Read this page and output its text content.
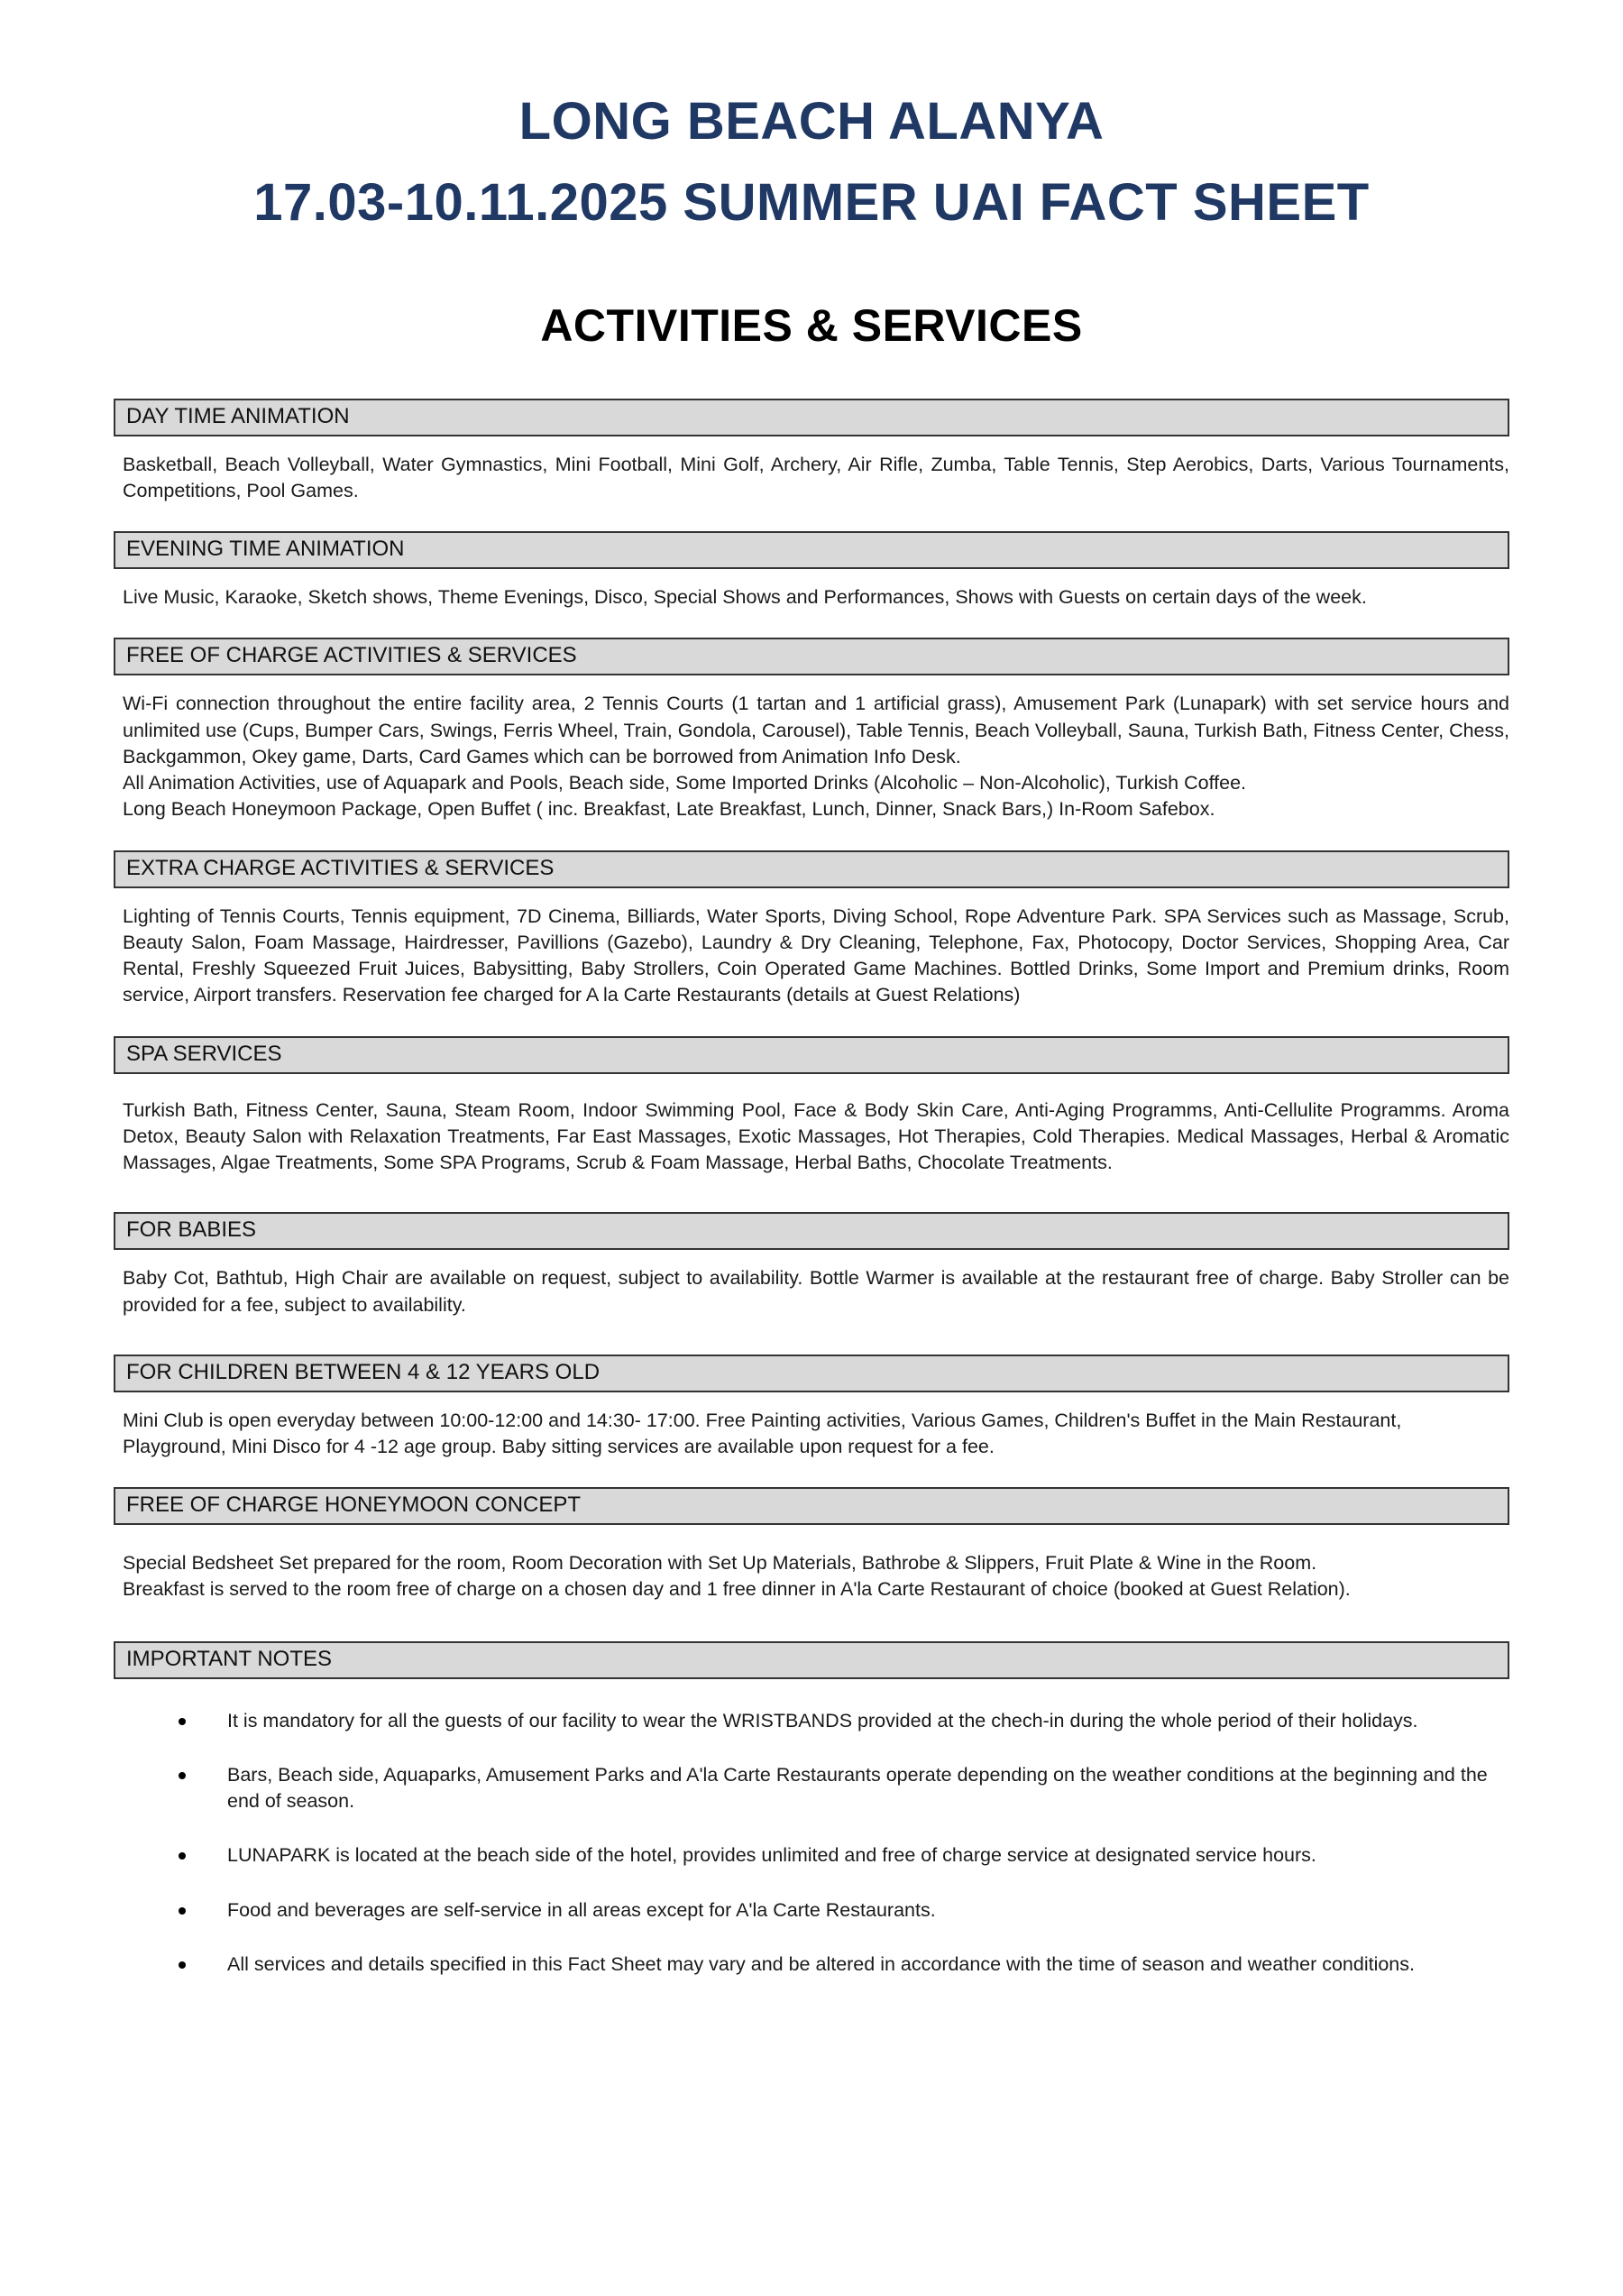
LONG BEACH ALANYA
17.03-10.11.2025 SUMMER UAI FACT SHEET
ACTIVITIES & SERVICES
DAY TIME ANIMATION

Basketball, Beach Volleyball, Water Gymnastics, Mini Football, Mini Golf, Archery, Air Rifle, Zumba, Table Tennis, Step Aerobics, Darts, Various Tournaments, Competitions, Pool Games.

EVENING TIME ANIMATION

Live Music, Karaoke, Sketch shows, Theme Evenings, Disco, Special Shows and Performances, Shows with Guests on certain days of the week.

FREE OF CHARGE ACTIVITIES & SERVICES

Wi-Fi connection throughout the entire facility area, 2 Tennis Courts (1 tartan and 1 artificial grass), Amusement Park (Lunapark) with set service hours and unlimited use (Cups, Bumper Cars, Swings, Ferris Wheel, Train, Gondola, Carousel), Table Tennis, Beach Volleyball, Sauna, Turkish Bath, Fitness Center, Chess, Backgammon, Okey game, Darts, Card Games which can be borrowed from Animation Info Desk.

All Animation Activities, use of Aquapark and Pools, Beach side, Some Imported Drinks (Alcoholic – Non-Alcoholic), Turkish Coffee.

Long Beach Honeymoon Package, Open Buffet ( inc. Breakfast, Late Breakfast, Lunch, Dinner, Snack Bars,) In-Room Safebox.

EXTRA CHARGE ACTIVITIES & SERVICES

Lighting of Tennis Courts, Tennis equipment, 7D Cinema, Billiards, Water Sports, Diving School, Rope Adventure Park. SPA Services such as Massage, Scrub, Beauty Salon, Foam Massage, Hairdresser, Pavillions (Gazebo), Laundry & Dry Cleaning, Telephone, Fax, Photocopy, Doctor Services, Shopping Area, Car Rental, Freshly Squeezed Fruit Juices, Babysitting, Baby Strollers, Coin Operated Game Machines. Bottled Drinks, Some Import and Premium drinks, Room service, Airport transfers. Reservation fee charged for A la Carte Restaurants (details at Guest Relations)

SPA SERVICES

Turkish Bath, Fitness Center, Sauna, Steam Room, Indoor Swimming Pool, Face & Body Skin Care, Anti-Aging Programms, Anti-Cellulite Programms. Aroma Detox, Beauty Salon with Relaxation Treatments, Far East Massages, Exotic Massages, Hot Therapies, Cold Therapies. Medical Massages, Herbal & Aromatic Massages, Algae Treatments, Some SPA Programs, Scrub & Foam Massage, Herbal Baths, Chocolate Treatments.

FOR BABIES

Baby Cot, Bathtub, High Chair are available on request, subject to availability. Bottle Warmer is available at the restaurant free of charge. Baby Stroller can be provided for a fee, subject to availability.

FOR CHILDREN BETWEEN 4 & 12 YEARS OLD

Mini Club is open everyday between 10:00-12:00 and 14:30- 17:00. Free Painting activities, Various Games, Children's Buffet in the Main Restaurant, Playground, Mini Disco for 4 -12 age group. Baby sitting services are available upon request for a fee.

FREE OF CHARGE HONEYMOON CONCEPT

Special Bedsheet Set prepared for the room, Room Decoration with Set Up Materials, Bathrobe & Slippers, Fruit Plate & Wine in the Room.

Breakfast is served to the room free of charge on a chosen day and 1 free dinner in A'la Carte Restaurant of choice (booked at Guest Relation).

IMPORTANT NOTES
It is mandatory for all the guests of our facility to wear the WRISTBANDS provided at the chech-in during the whole period of their holidays.
Bars, Beach side, Aquaparks, Amusement Parks and A'la Carte Restaurants operate depending on the weather conditions at the beginning and the end of season.
LUNAPARK is located at the beach side of the hotel, provides unlimited and free of charge service at designated service hours.
Food and beverages are self-service in all areas except for A'la Carte Restaurants.
All services and details specified in this Fact Sheet may vary and be altered in accordance with the time of season and weather conditions.
